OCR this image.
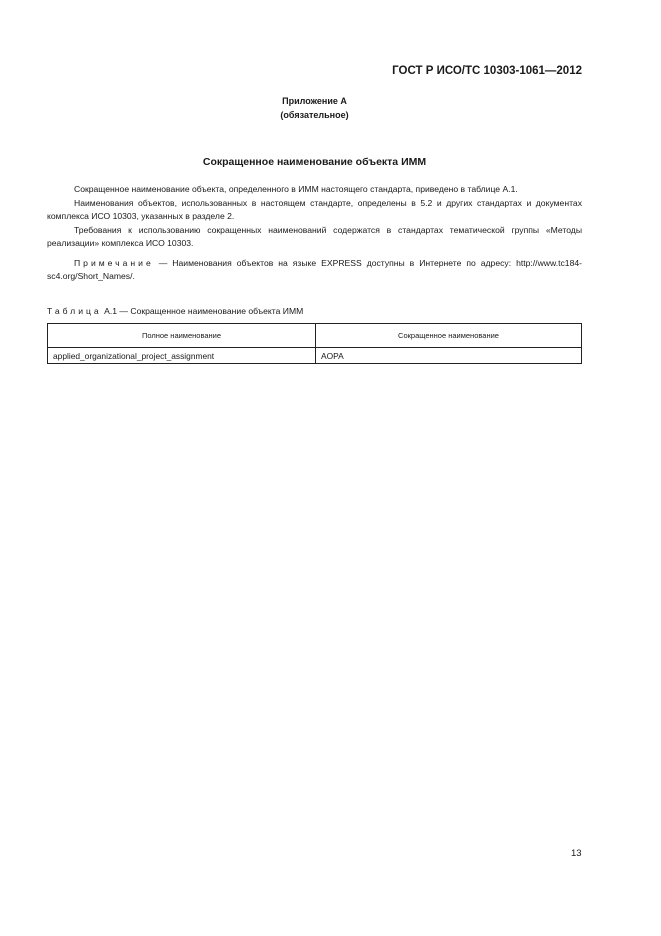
ГОСТ Р ИСО/ТС 10303-1061—2012
Приложение А
(обязательное)
Сокращенное наименование объекта ИММ

Сокращенное наименование объекта, определенного в ИММ настоящего стандарта, приведено в таблице А.1.

Наименования объектов, использованных в настоящем стандарте, определены в 5.2 и других стандартах и документах комплекса ИСО 10303, указанных в разделе 2.

Требования к использованию сокращенных наименований содержатся в стандартах тематической группы «Методы реализации» комплекса ИСО 10303.

Примечание — Наименования объектов на языке EXPRESS доступны в Интернете по адресу: http://www.tc184-sc4.org/Short_Names/.

Таблица А.1 — Сокращенное наименование объекта ИММ
Полное наименование	Сокращенное наименование
applied_organizational_project_assignment	AOPA
13
